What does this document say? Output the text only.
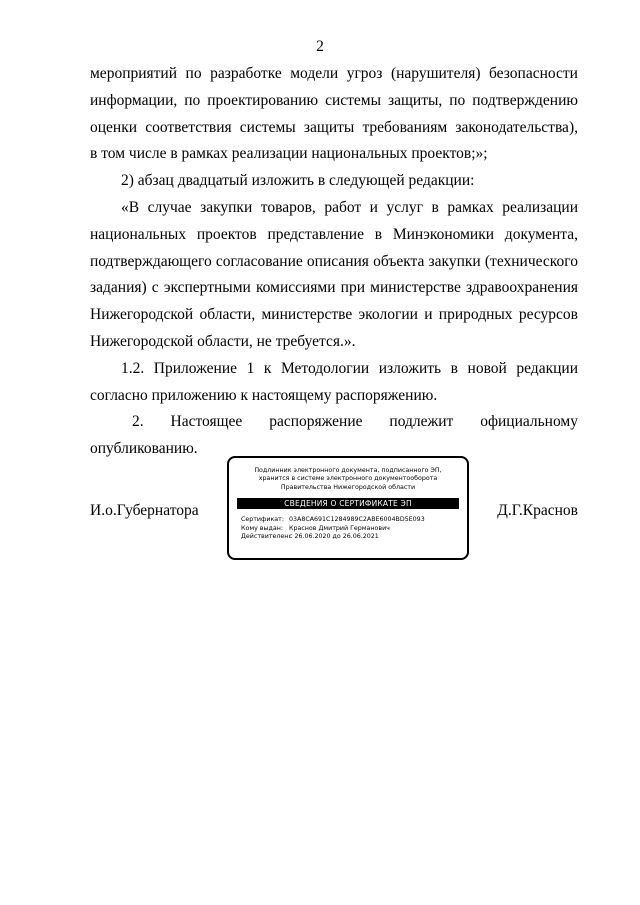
2
мероприятий по разработке модели угроз (нарушителя) безопасности
информации, по проектированию системы защиты, по подтверждению
оценки соответствия системы защиты требованиям законодательства),
в том числе в рамках реализации национальных проектов;»;

2) абзац двадцатый изложить в следующей редакции:

«В случае закупки товаров, работ и услуг в рамках реализации национальных проектов представление в Минэкономики документа, подтверждающего согласование описания объекта закупки (технического задания) с экспертными комиссиями при министерстве здравоохранения Нижегородской области, министерстве экологии и природных ресурсов Нижегородской области, не требуется.».

1.2. Приложение 1 к Методологии изложить в новой редакции согласно приложению к настоящему распоряжению.

2. Настоящее распоряжение подлежит официальному
опубликованию.
И.о.Губернатора
Подлинник электронного документа, подписанного ЭП,
хранится в системе электронного документооборота
Правительства Нижегородской области
СВЕДЕНИЯ О СЕРТИФИКАТЕ ЭП
Сертификат: 03A8CA691C1284989C2ABE6004BD5E093
Кому выдан: Краснов Дмитрий Германович
Действителен:с 26.06.2020 до 26.06.2021
Д.Г.Краснов
